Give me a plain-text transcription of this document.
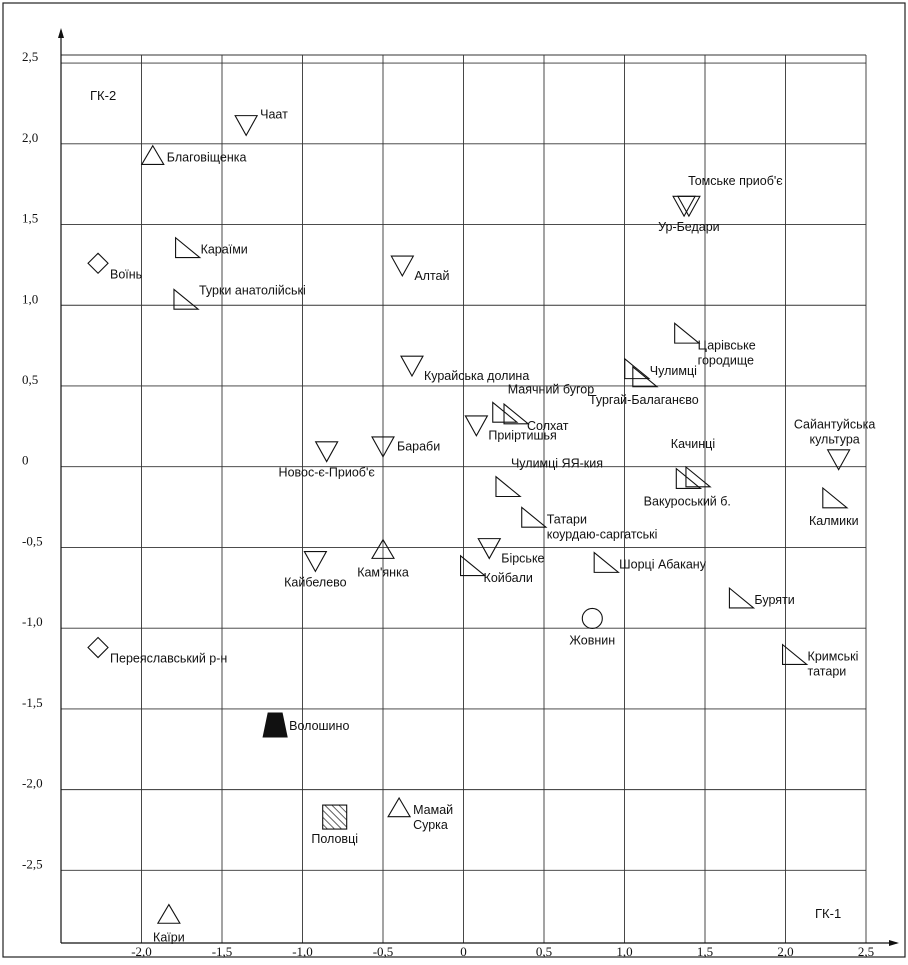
-2,5
-2,0
-1,5
-1,0
-0,5
0
0,5
1,0
1,5
2,0
2,5
-2,0	-1,5	-1,0	-0,5	0	0,5	1,0	1,5	2,0	2,5
Чаат
Благовіщенка
Томське приоб'є
Ур-Бедари
Караїми
Воїнь	Алтай
Турки анатолійські
Царівське городище
Курайська долина	Чулимці
Тургай-Балаганєво
Маячний бугор
Солхат	Сайантуйська культура
Приіртишья
Бараби
Новос-є-Приоб'є
Качинці
Вакуроський б.
Чулимці ЯЯ-кия
Калмики
Татари коурдаю-саргатські
Кам'янка
Бірське
Кайбелево	Койбали
Шорці Абакану
Буряти
Жовнин
Переяславський р-н	Кримські татари
Волошино
Мамай Сурка
Половці
Каїри
ГК-2
ГК-1
